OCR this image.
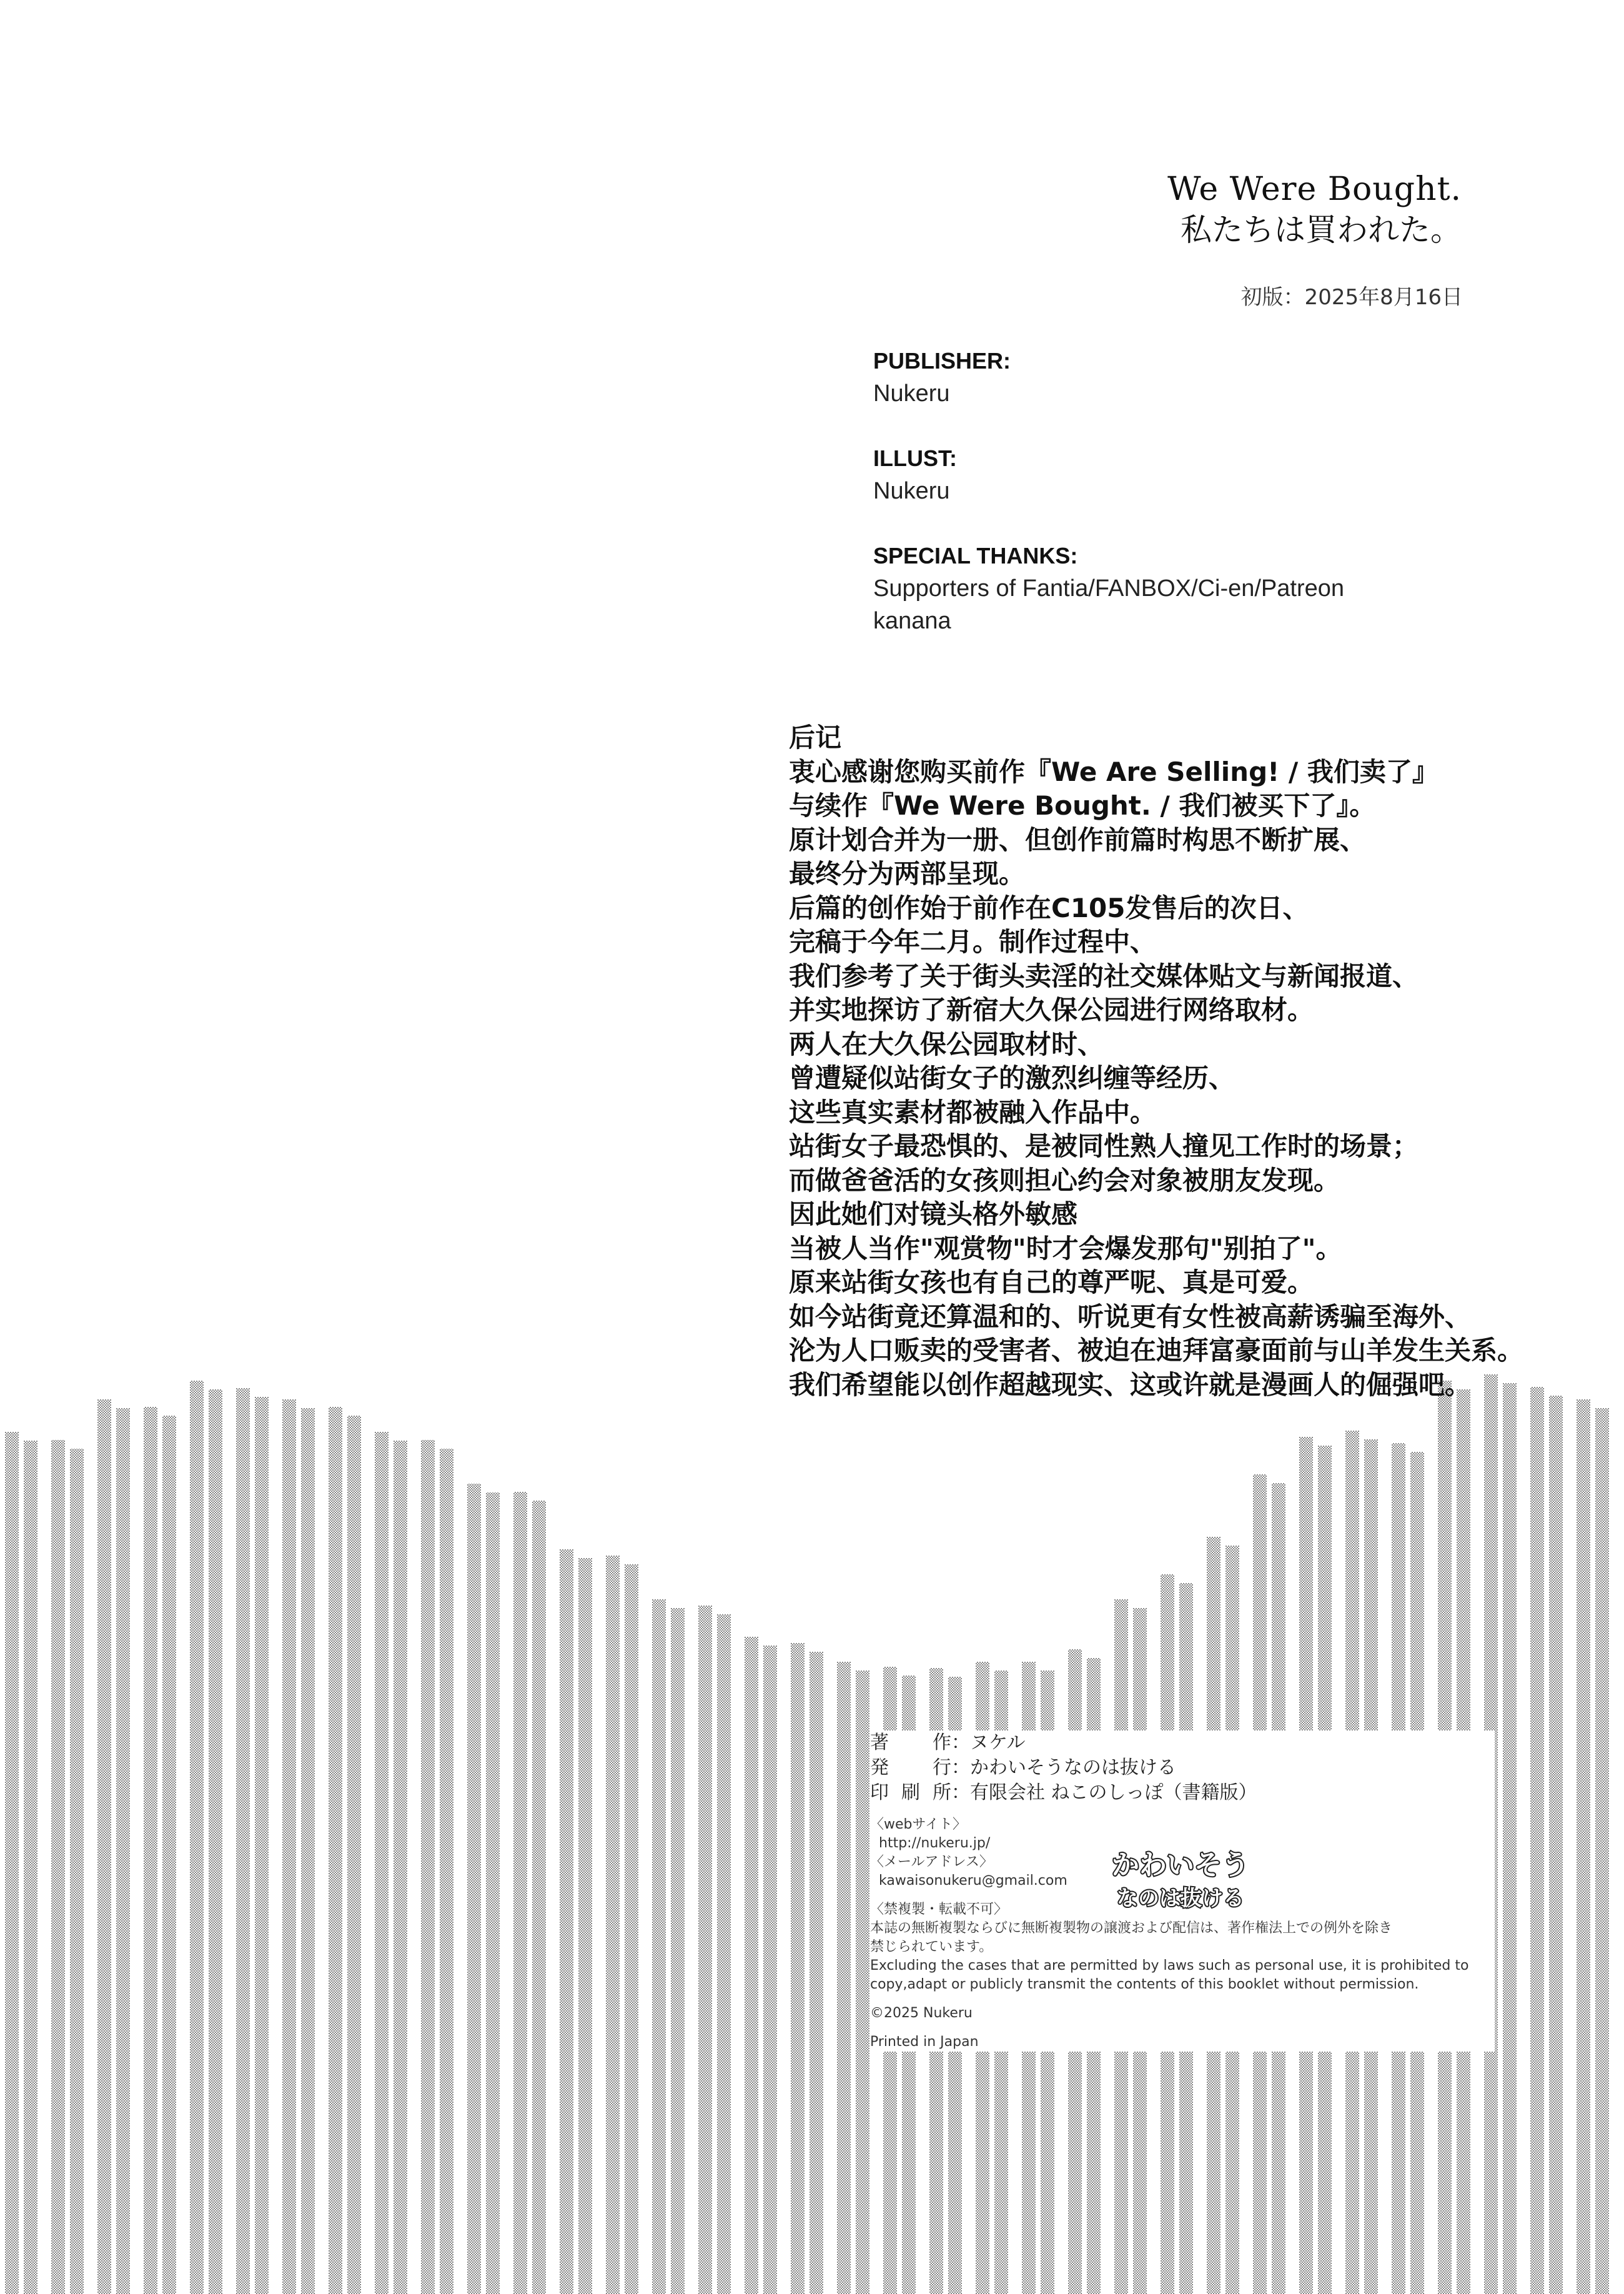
We Were Bought.
私たちは買われた。
初版：2025年8月16日
PUBLISHER:
Nukeru
ILLUST:
Nukeru
SPECIAL THANKS:
Supporters of Fantia/FANBOX/Ci-en/Patreon
kanana
后记
衷心感谢您购买前作『We Are Selling! / 我们卖了』
与续作『We Were Bought. / 我们被买下了』。
原计划合并为一册、但创作前篇时构思不断扩展、
最终分为两部呈现。
后篇的创作始于前作在C105发售后的次日、
完稿于今年二月。制作过程中、
我们参考了关于街头卖淫的社交媒体贴文与新闻报道、
并实地探访了新宿大久保公园进行网络取材。
两人在大久保公园取材时、
曾遭疑似站街女子的激烈纠缠等经历、
这些真实素材都被融入作品中。
站街女子最恐惧的、是被同性熟人撞见工作时的场景；
而做爸爸活的女孩则担心约会对象被朋友发现。
因此她们对镜头格外敏感
当被人当作"观赏物"时才会爆发那句"别拍了"。
原来站街女孩也有自己的尊严呢、真是可爱。
如今站街竟还算温和的、听说更有女性被高薪诱骗至海外、
沦为人口贩卖的受害者、被迫在迪拜富豪面前与山羊发生关系。
我们希望能以创作超越现实、这或许就是漫画人的倔强吧。
著　作：ヌケル
発　行：かわいそうなのは抜ける
印刷所：有限会社 ねこのしっぽ（書籍版）
〈webサイト〉
http://nukeru.jp/
〈メールアドレス〉
kawaisonukeru@gmail.com
〈禁複製・転載不可〉
本誌の無断複製ならびに無断複製物の譲渡および配信は、著作権法上での例外を除き
禁じられています。
Excluding the cases that are permitted by laws such as personal use, it is prohibited to
copy,adapt or publicly transmit the contents of this booklet without permission.
©2025 Nukeru
Printed in Japan
かわいそう
なのは抜ける
